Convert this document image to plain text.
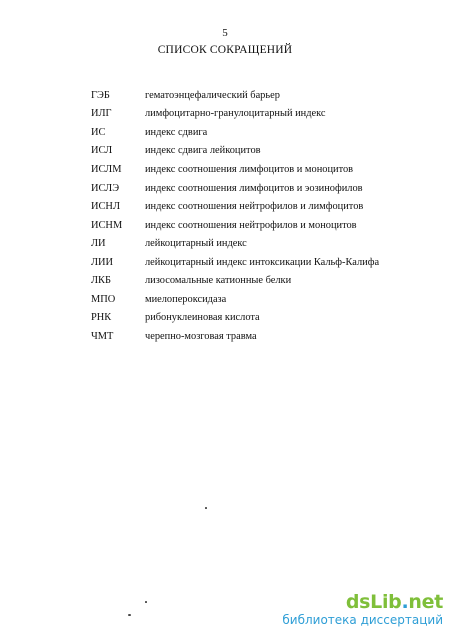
5
СПИСОК СОКРАЩЕНИЙ
ГЭБ	гематоэнцефалический барьер
ИЛГ	лимфоцитарно-гранулоцитарный индекс
ИС	индекс сдвига
ИСЛ	индекс сдвига лейкоцитов
ИСЛМ	индекс соотношения лимфоцитов и моноцитов
ИСЛЭ	индекс соотношения лимфоцитов и эозинофилов
ИСНЛ	индекс соотношения нейтрофилов и лимфоцитов
ИСНМ	индекс соотношения нейтрофилов и моноцитов
ЛИ	лейкоцитарный индекс
ЛИИ	лейкоцитарный индекс интоксикации Кальф-Калифа
ЛКБ	лизосомальные катионные белки
МПО	миелопероксидаза
РНК	рибонуклеиновая кислота
ЧМТ	черепно-мозговая травма
dsLib.net
библиотека диссертаций
